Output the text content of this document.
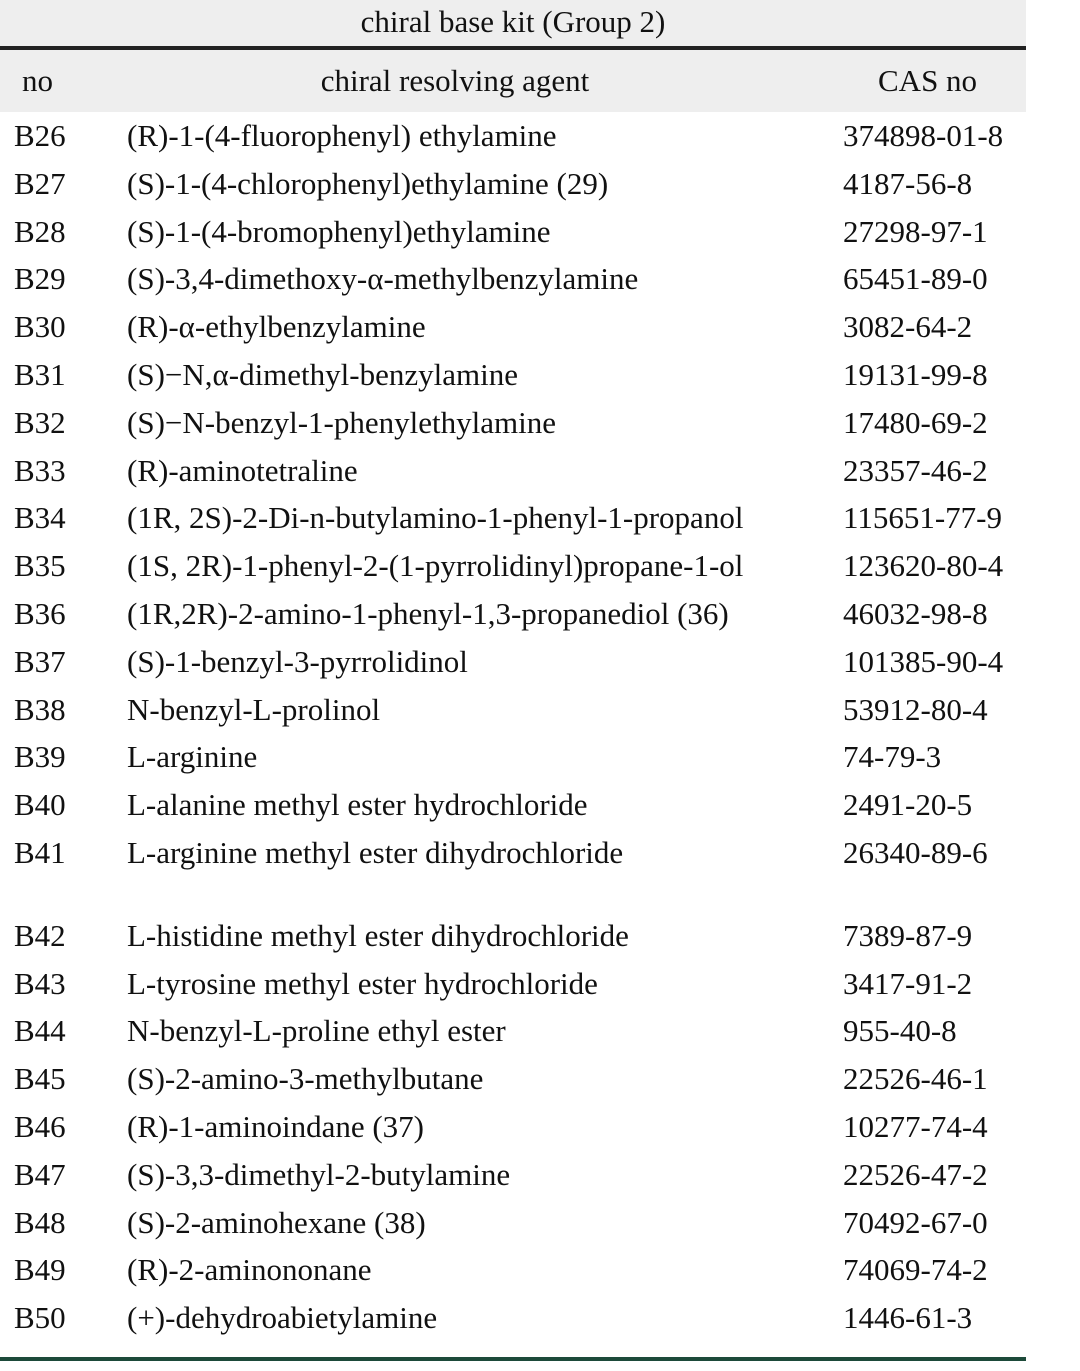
chiral base kit (Group 2)
no	chiral resolving agent	CAS no
B26 (R)-1-(4-fluorophenyl) ethylamine	374898-01-8
B27 (S)-1-(4-chlorophenyl)ethylamine (29)	4187-56-8
B28 (S)-1-(4-bromophenyl)ethylamine	27298-97-1
B29 (S)-3,4-dimethoxy-α-methylbenzylamine	65451-89-0
B30 (R)-α-ethylbenzylamine	3082-64-2
B31 (S)−N,α-dimethyl-benzylamine	19131-99-8
B32 (S)−N-benzyl-1-phenylethylamine	17480-69-2
B33 (R)-aminotetraline	23357-46-2
B34 (1R, 2S)-2-Di-n-butylamino-1-phenyl-1-propanol	115651-77-9
B35 (1S, 2R)-1-phenyl-2-(1-pyrrolidinyl)propane-1-ol	123620-80-4
B36 (1R,2R)-2-amino-1-phenyl-1,3-propanediol (36)	46032-98-8
B37 (S)-1-benzyl-3-pyrrolidinol	101385-90-4
B38 N-benzyl-L-prolinol	53912-80-4
B39 L-arginine	74-79-3
B40 L-alanine methyl ester hydrochloride	2491-20-5
B41 L-arginine methyl ester dihydrochloride	26340-89-6
B42 L-histidine methyl ester dihydrochloride	7389-87-9
B43 L-tyrosine methyl ester hydrochloride	3417-91-2
B44 N-benzyl-L-proline ethyl ester	955-40-8
B45 (S)-2-amino-3-methylbutane	22526-46-1
B46 (R)-1-aminoindane (37)	10277-74-4
B47 (S)-3,3-dimethyl-2-butylamine	22526-47-2
B48 (S)-2-aminohexane (38)	70492-67-0
B49 (R)-2-aminononane	74069-74-2
B50 (+)-dehydroabietylamine	1446-61-3
